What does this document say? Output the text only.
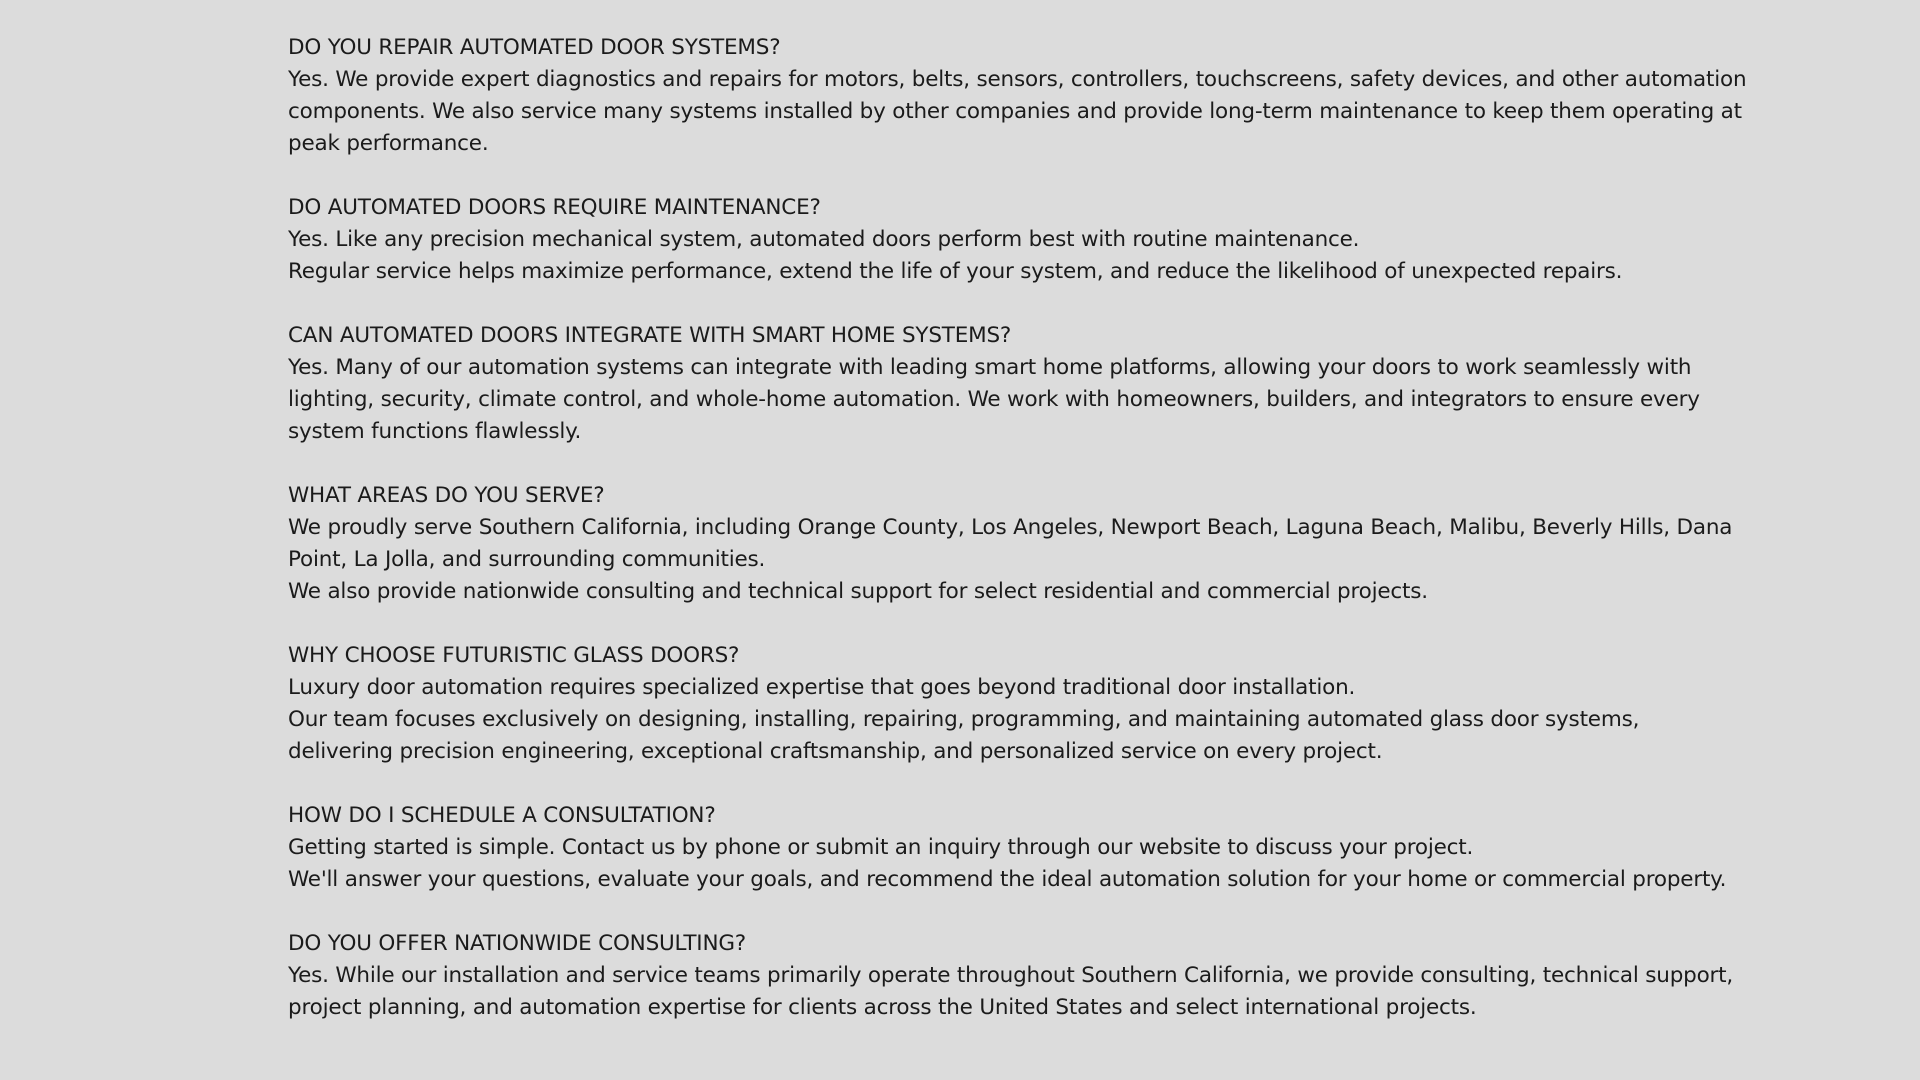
DO YOU REPAIR AUTOMATED DOOR SYSTEMS?

Yes. We provide expert diagnostics and repairs for motors, belts, sensors, controllers, touchscreens, safety devices, and other automation components. We also service many systems installed by other companies and provide long-term maintenance to keep them operating at peak performance.

DO AUTOMATED DOORS REQUIRE MAINTENANCE?

Yes. Like any precision mechanical system, automated doors perform best with routine maintenance.

Regular service helps maximize performance, extend the life of your system, and reduce the likelihood of unexpected repairs.

CAN AUTOMATED DOORS INTEGRATE WITH SMART HOME SYSTEMS?

Yes. Many of our automation systems can integrate with leading smart home platforms, allowing your doors to work seamlessly with lighting, security, climate control, and whole-home automation. We work with homeowners, builders, and integrators to ensure every system functions flawlessly.

WHAT AREAS DO YOU SERVE?

We proudly serve Southern California, including Orange County, Los Angeles, Newport Beach, Laguna Beach, Malibu, Beverly Hills, Dana Point, La Jolla, and surrounding communities.

We also provide nationwide consulting and technical support for select residential and commercial projects.

WHY CHOOSE FUTURISTIC GLASS DOORS?

Luxury door automation requires specialized expertise that goes beyond traditional door installation.

Our team focuses exclusively on designing, installing, repairing, programming, and maintaining automated glass door systems, delivering precision engineering, exceptional craftsmanship, and personalized service on every project.

HOW DO I SCHEDULE A CONSULTATION?

Getting started is simple. Contact us by phone or submit an inquiry through our website to discuss your project.

We'll answer your questions, evaluate your goals, and recommend the ideal automation solution for your home or commercial property.

DO YOU OFFER NATIONWIDE CONSULTING?

Yes. While our installation and service teams primarily operate throughout Southern California, we provide consulting, technical support, project planning, and automation expertise for clients across the United States and select international projects.
